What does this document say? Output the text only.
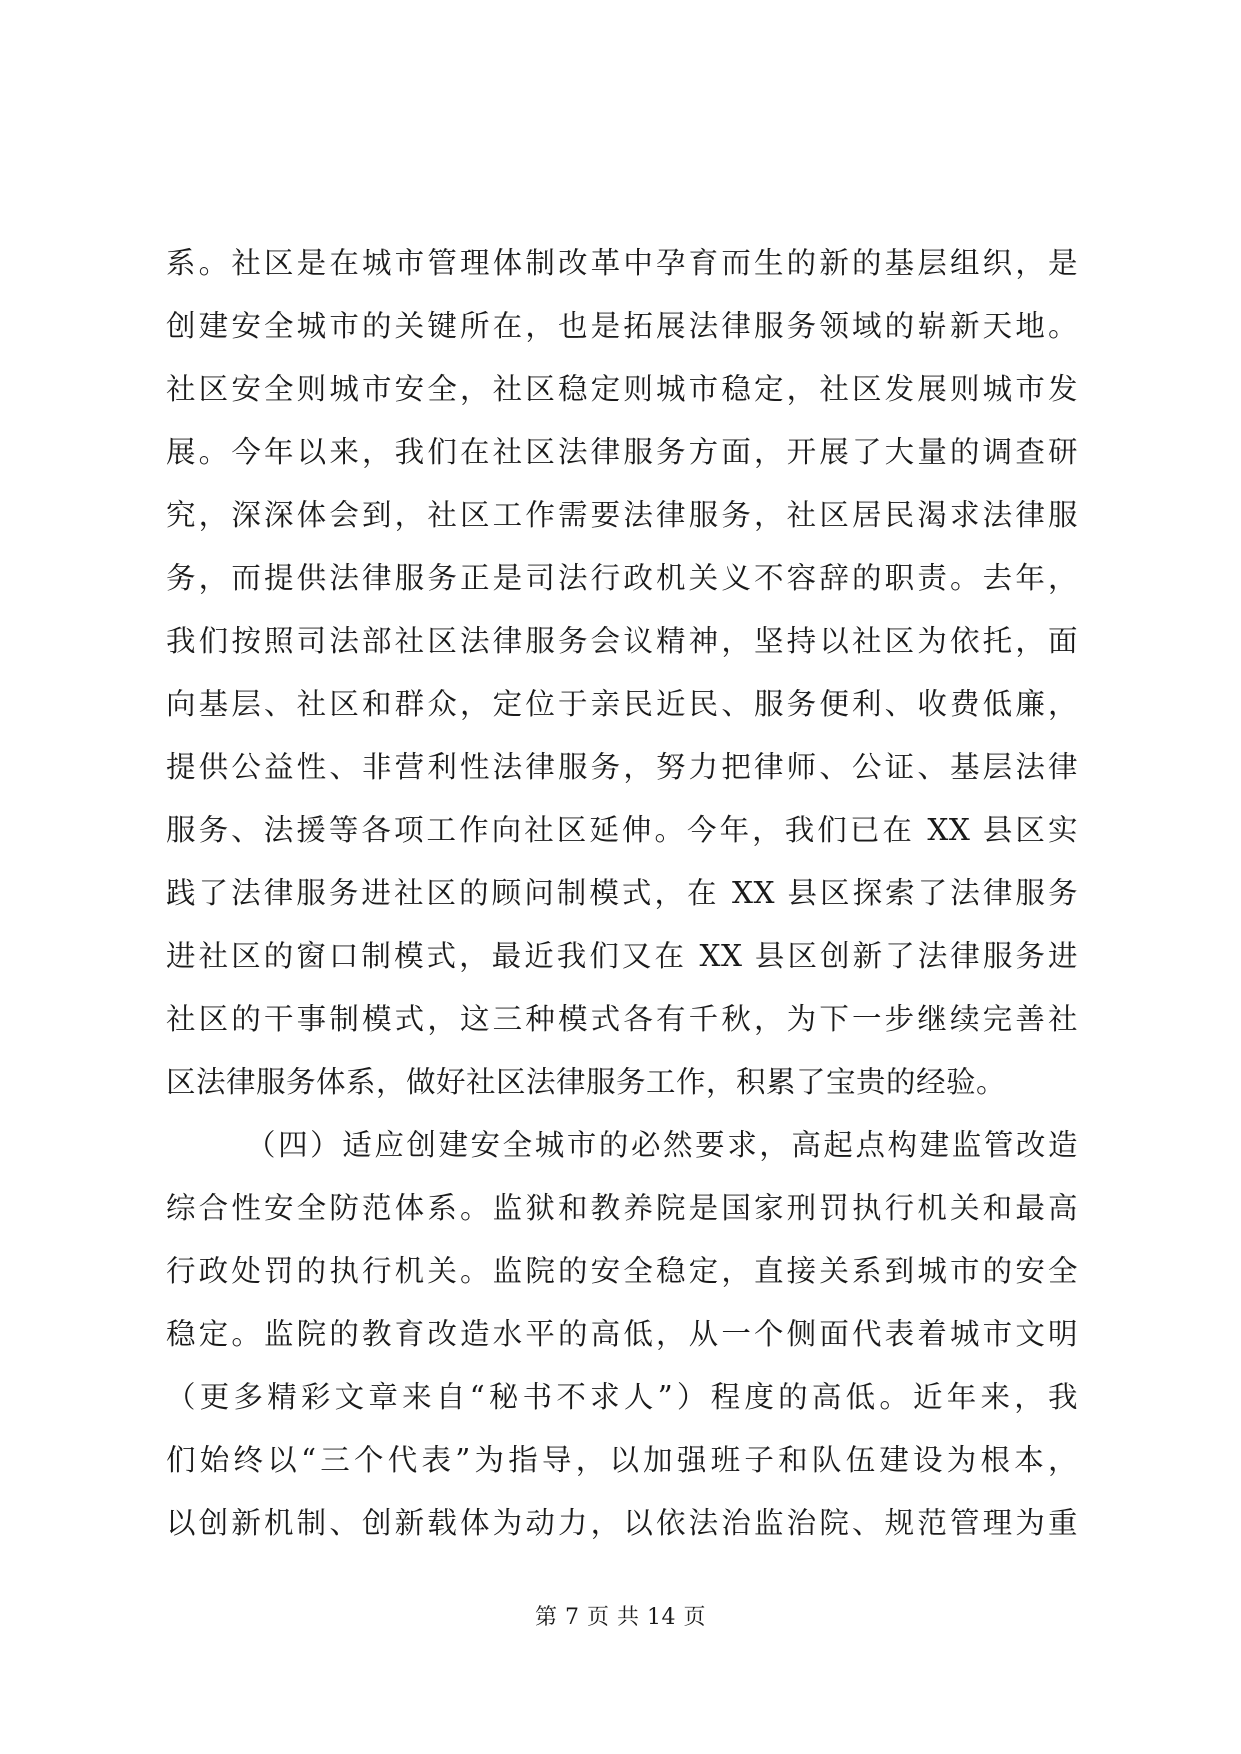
系。社区是在城市管理体制改革中孕育而生的新的基层组织，是
创建安全城市的关键所在，也是拓展法律服务领域的崭新天地。
社区安全则城市安全，社区稳定则城市稳定，社区发展则城市发
展。今年以来，我们在社区法律服务方面，开展了大量的调查研
究，深深体会到，社区工作需要法律服务，社区居民渴求法律服
务，而提供法律服务正是司法行政机关义不容辞的职责。去年，
我们按照司法部社区法律服务会议精神，坚持以社区为依托，面
向基层、社区和群众，定位于亲民近民、服务便利、收费低廉，
提供公益性、非营利性法律服务，努力把律师、公证、基层法律
服务、法援等各项工作向社区延伸。今年，我们已在 XX 县区实
践了法律服务进社区的顾问制模式，在 XX 县区探索了法律服务
进社区的窗口制模式，最近我们又在 XX 县区创新了法律服务进
社区的干事制模式，这三种模式各有千秋，为下一步继续完善社
区法律服务体系，做好社区法律服务工作，积累了宝贵的经验。
（四）适应创建安全城市的必然要求，高起点构建监管改造
综合性安全防范体系。监狱和教养院是国家刑罚执行机关和最高
行政处罚的执行机关。监院的安全稳定，直接关系到城市的安全
稳定。监院的教育改造水平的高低，从一个侧面代表着城市文明
（更多精彩文章来自“秘书不求人”）程度的高低。近年来，我
们始终以“三个代表”为指导，以加强班子和队伍建设为根本，
以创新机制、创新载体为动力，以依法治监治院、规范管理为重
第 7 页 共 14 页
